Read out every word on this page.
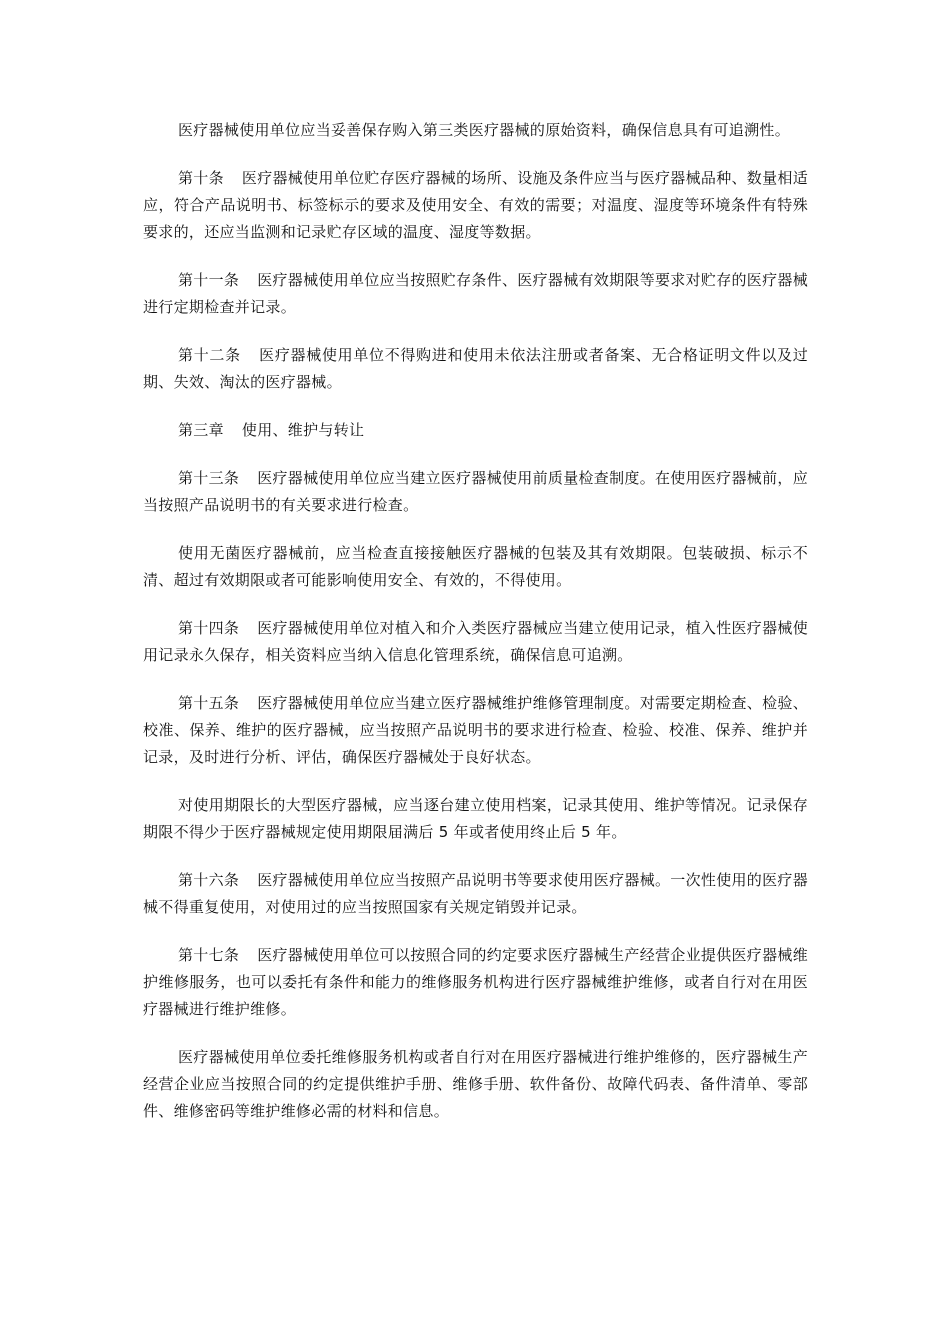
医疗器械使用单位应当妥善保存购入第三类医疗器械的原始资料，确保信息具有可追溯性。

第十条 医疗器械使用单位贮存医疗器械的场所、设施及条件应当与医疗器械品种、数量相适应，符合产品说明书、标签标示的要求及使用安全、有效的需要；对温度、湿度等环境条件有特殊要求的，还应当监测和记录贮存区域的温度、湿度等数据。

第十一条 医疗器械使用单位应当按照贮存条件、医疗器械有效期限等要求对贮存的医疗器械进行定期检查并记录。

第十二条 医疗器械使用单位不得购进和使用未依法注册或者备案、无合格证明文件以及过期、失效、淘汰的医疗器械。

第三章 使用、维护与转让

第十三条 医疗器械使用单位应当建立医疗器械使用前质量检查制度。在使用医疗器械前，应当按照产品说明书的有关要求进行检查。

使用无菌医疗器械前，应当检查直接接触医疗器械的包装及其有效期限。包装破损、标示不清、超过有效期限或者可能影响使用安全、有效的，不得使用。

第十四条 医疗器械使用单位对植入和介入类医疗器械应当建立使用记录，植入性医疗器械使用记录永久保存，相关资料应当纳入信息化管理系统，确保信息可追溯。

第十五条 医疗器械使用单位应当建立医疗器械维护维修管理制度。对需要定期检查、检验、校准、保养、维护的医疗器械，应当按照产品说明书的要求进行检查、检验、校准、保养、维护并记录，及时进行分析、评估，确保医疗器械处于良好状态。

对使用期限长的大型医疗器械，应当逐台建立使用档案，记录其使用、维护等情况。记录保存期限不得少于医疗器械规定使用期限届满后 5 年或者使用终止后 5 年。

第十六条 医疗器械使用单位应当按照产品说明书等要求使用医疗器械。一次性使用的医疗器械不得重复使用，对使用过的应当按照国家有关规定销毁并记录。

第十七条 医疗器械使用单位可以按照合同的约定要求医疗器械生产经营企业提供医疗器械维护维修服务，也可以委托有条件和能力的维修服务机构进行医疗器械维护维修，或者自行对在用医疗器械进行维护维修。

医疗器械使用单位委托维修服务机构或者自行对在用医疗器械进行维护维修的，医疗器械生产经营企业应当按照合同的约定提供维护手册、维修手册、软件备份、故障代码表、备件清单、零部件、维修密码等维护维修必需的材料和信息。
